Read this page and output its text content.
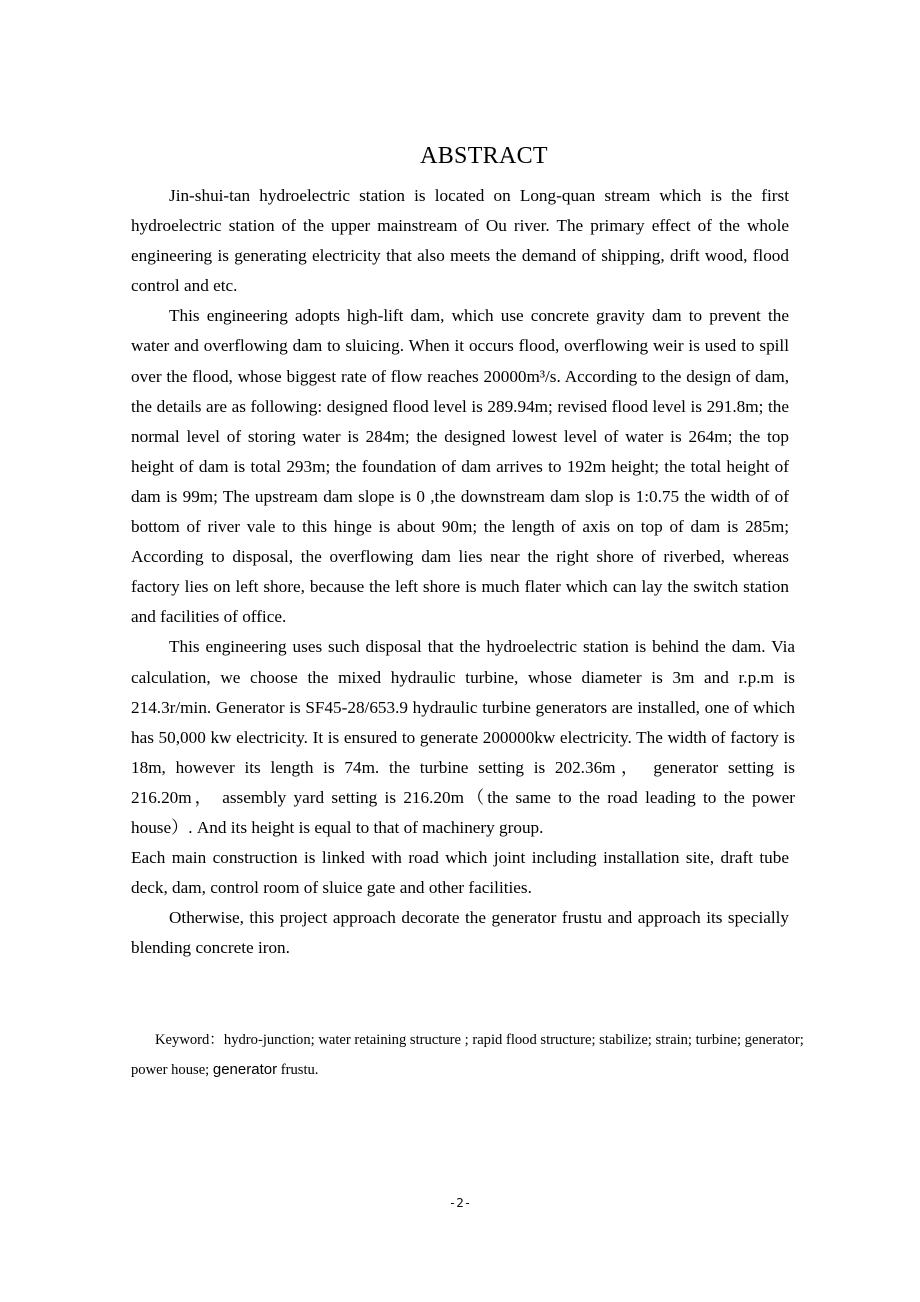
ABSTRACT

Jin-shui-tan hydroelectric station is located on Long-quan stream which is the first hydroelectric station of the upper mainstream of Ou river. The primary effect of the whole engineering is generating electricity that also meets the demand of shipping, drift wood, flood control and etc.

This engineering adopts high-lift dam, which use concrete gravity dam to prevent the water and overflowing dam to sluicing. When it occurs flood, overflowing weir is used to spill over the flood, whose biggest rate of flow reaches 20000m³/s. According to the design of dam, the details are as following: designed flood level is 289.94m; revised flood level is 291.8m; the normal level of storing water is 284m; the designed lowest level of water is 264m; the top height of dam is total 293m; the foundation of dam arrives to 192m height; the total height of dam is 99m; The upstream dam slope is 0 ,the downstream dam slop is 1:0.75 the width of of bottom of river vale to this hinge is about 90m; the length of axis on top of dam is 285m; According to disposal, the overflowing dam lies near the right shore of riverbed, whereas factory lies on left shore, because the left shore is much flater which can lay the switch station and facilities of office.

This engineering uses such disposal that the hydroelectric station is behind the dam. Via calculation, we choose the mixed hydraulic turbine, whose diameter is 3m and r.p.m is 214.3r/min. Generator is SF45-28/653.9 hydraulic turbine generators are installed, one of which has 50,000 kw electricity. It is ensured to generate 200000kw electricity. The width of factory is 18m, however its length is 74m. the turbine setting is 202.36m， generator setting is 216.20m， assembly yard setting is 216.20m（the same to the road leading to the power house）. And its height is equal to that of machinery group.

Each main construction is linked with road which joint including installation site, draft tube deck, dam, control room of sluice gate and other facilities.

Otherwise, this project approach decorate the generator frustu and approach its specially blending concrete iron.

Keyword：hydro-junction; water retaining structure ; rapid flood structure; stabilize; strain; turbine; generator; power house; generator frustu.
-2-
